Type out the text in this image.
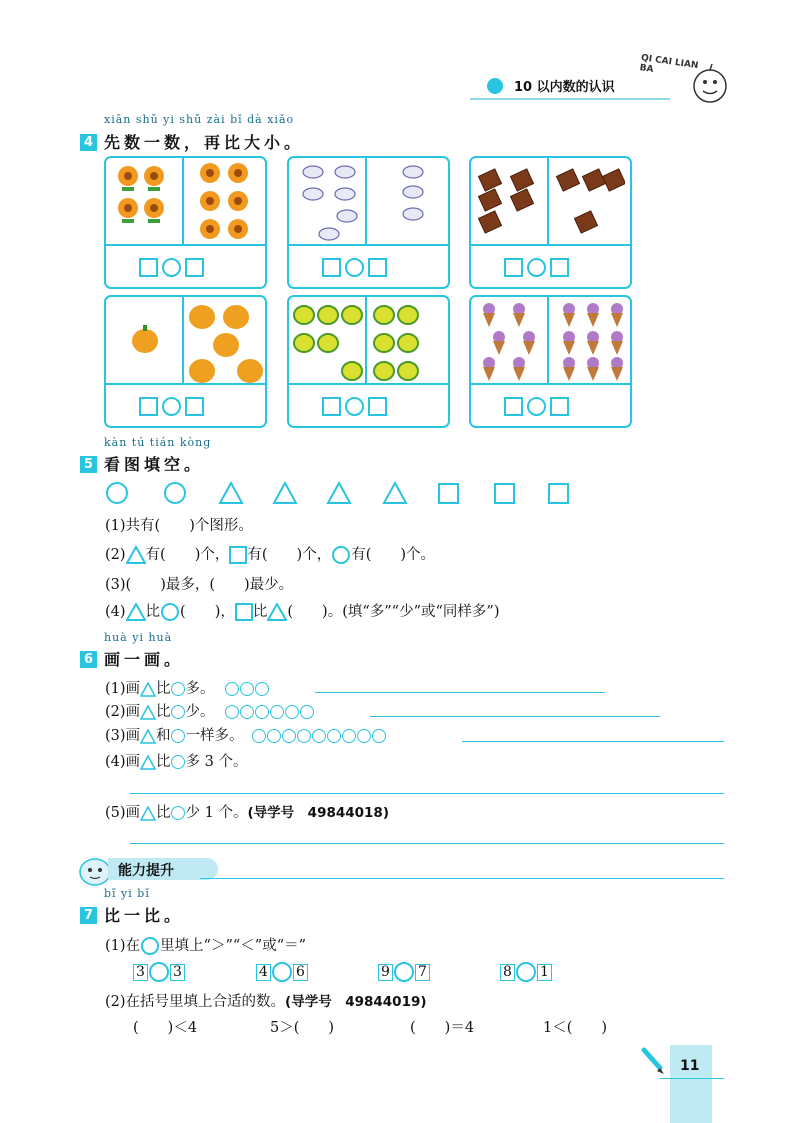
10 以内数的认识
QI CAI LIAN BA
xiān shǔ yi shǔ zài bǐ dà xiǎo
4 先数一数，再比大小。
kàn tú tián kòng
5 看图填空。
(1)共有(　　)个图形。
(2) 有(　　)个， 有(　　)个， 有(　　)个。
(3)(　　)最多，(　　)最少。
(4) 比 (　　)， 比 (　　)。(填“多”“少”或“同样多”)
huà yi huà
6 画一画。
(1)画 比 多。
(2)画 比 少。
(3)画 和 一样多。
(4)画 比 多 3 个。
(5)画 比 少 1 个。(导学号　49844018)
能力提升
bǐ yi bǐ
7 比一比。
(1)在 里填上“＞”“＜”或“＝”
3 3	4 6	9 7	8 1
(2)在括号里填上合适的数。(导学号　49844019)
(　　)＜4	5＞(　　)	(　　)＝4	1＜(　　)
11
